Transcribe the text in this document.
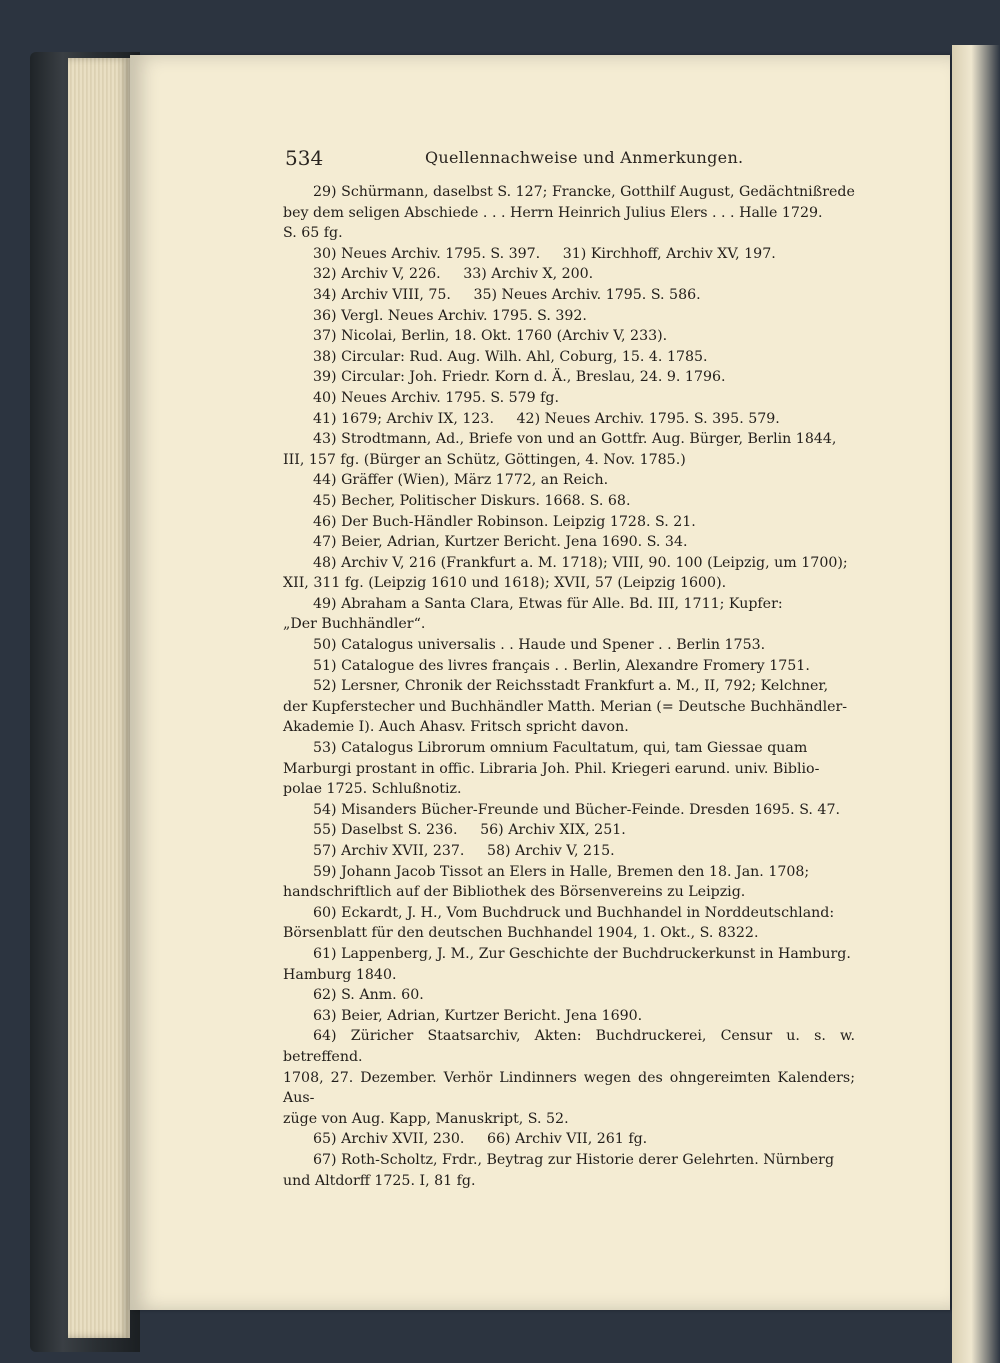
534	Quellennachweise und Anmerkungen.

29) Schürmann, daselbst S. 127; Francke, Gotthilf August, Gedächtnißrede

bey dem seligen Abschiede . . . Herrn Heinrich Julius Elers . . . Halle 1729.

S. 65 fg.

30) Neues Archiv. 1795. S. 397.     31) Kirchhoff, Archiv XV, 197.

32) Archiv V, 226.     33) Archiv X, 200.

34) Archiv VIII, 75.     35) Neues Archiv. 1795. S. 586.

36) Vergl. Neues Archiv. 1795. S. 392.

37) Nicolai, Berlin, 18. Okt. 1760 (Archiv V, 233).

38) Circular: Rud. Aug. Wilh. Ahl, Coburg, 15. 4. 1785.

39) Circular: Joh. Friedr. Korn d. Ä., Breslau, 24. 9. 1796.

40) Neues Archiv. 1795. S. 579 fg.

41) 1679; Archiv IX, 123.     42) Neues Archiv. 1795. S. 395. 579.

43) Strodtmann, Ad., Briefe von und an Gottfr. Aug. Bürger, Berlin 1844,

III, 157 fg. (Bürger an Schütz, Göttingen, 4. Nov. 1785.)

44) Gräffer (Wien), März 1772, an Reich.

45) Becher, Politischer Diskurs. 1668. S. 68.

46) Der Buch-Händler Robinson. Leipzig 1728. S. 21.

47) Beier, Adrian, Kurtzer Bericht. Jena 1690. S. 34.

48) Archiv V, 216 (Frankfurt a. M. 1718); VIII, 90. 100 (Leipzig, um 1700);

XII, 311 fg. (Leipzig 1610 und 1618); XVII, 57 (Leipzig 1600).

49) Abraham a Santa Clara, Etwas für Alle. Bd. III, 1711; Kupfer:

„Der Buchhändler“.

50) Catalogus universalis . . Haude und Spener . . Berlin 1753.

51) Catalogue des livres français . . Berlin, Alexandre Fromery 1751.

52) Lersner, Chronik der Reichsstadt Frankfurt a. M., II, 792; Kelchner,

der Kupferstecher und Buchhändler Matth. Merian (= Deutsche Buchhändler-

Akademie I). Auch Ahasv. Fritsch spricht davon.

53) Catalogus Librorum omnium Facultatum, qui, tam Giessae quam

Marburgi prostant in offic. Libraria Joh. Phil. Kriegeri earund. univ. Biblio-

polae 1725. Schlußnotiz.

54) Misanders Bücher-Freunde und Bücher-Feinde. Dresden 1695. S. 47.

55) Daselbst S. 236.     56) Archiv XIX, 251.

57) Archiv XVII, 237.     58) Archiv V, 215.

59) Johann Jacob Tissot an Elers in Halle, Bremen den 18. Jan. 1708;

handschriftlich auf der Bibliothek des Börsenvereins zu Leipzig.

60) Eckardt, J. H., Vom Buchdruck und Buchhandel in Norddeutschland:

Börsenblatt für den deutschen Buchhandel 1904, 1. Okt., S. 8322.

61) Lappenberg, J. M., Zur Geschichte der Buchdruckerkunst in Hamburg.

Hamburg 1840.

62) S. Anm. 60.

63) Beier, Adrian, Kurtzer Bericht. Jena 1690.

64) Züricher Staatsarchiv, Akten: Buchdruckerei, Censur u. s. w. betreffend.

1708, 27. Dezember. Verhör Lindinners wegen des ohngereimten Kalenders; Aus-

züge von Aug. Kapp, Manuskript, S. 52.

65) Archiv XVII, 230.     66) Archiv VII, 261 fg.

67) Roth-Scholtz, Frdr., Beytrag zur Historie derer Gelehrten. Nürnberg

und Altdorff 1725. I, 81 fg.
